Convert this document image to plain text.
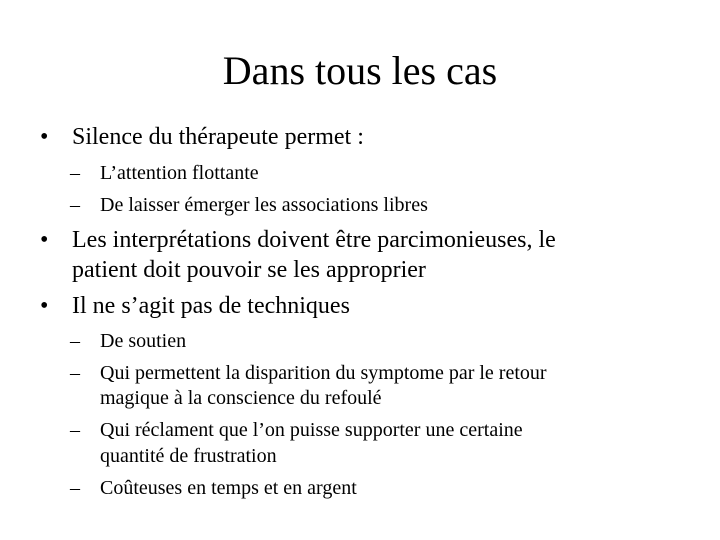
Dans tous les cas
• Silence du thérapeute permet :
– L’attention flottante
– De laisser émerger les associations libres
• Les interprétations doivent être parcimonieuses, le
patient doit pouvoir se les approprier
• Il ne s’agit pas de techniques
– De soutien
– Qui permettent la disparition du symptome par le retour
magique à la conscience du refoulé
– Qui réclament que l’on puisse supporter une certaine
quantité de frustration
– Coûteuses en temps et en argent
